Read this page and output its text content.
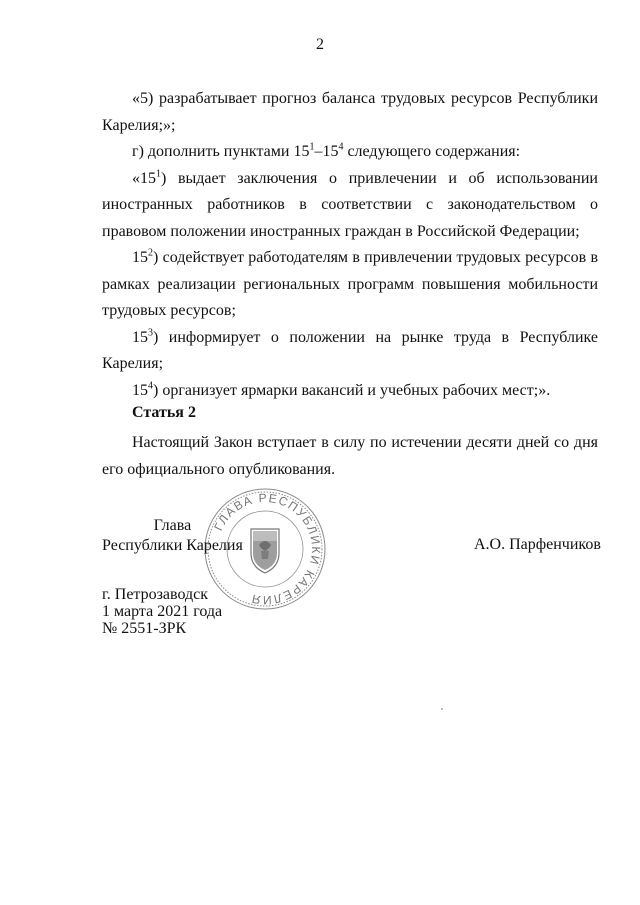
2

«5) разрабатывает прогноз баланса трудовых ресурсов Республики Карелия;»;

г) дополнить пунктами $15^1-15^4$ следующего содержания:

«$15^1$) выдает заключения о привлечении и об использовании иностранных работников в соответствии с законодательством о правовом положении иностранных граждан в Российской Федерации;

$15^2$) содействует работодателям в привлечении трудовых ресурсов в рамках реализации региональных программ повышения мобильности трудовых ресурсов;

$15^3$) информирует о положении на рынке труда в Республике Карелия;

$15^4$) организует ярмарки вакансий и учебных рабочих мест;».

Статья 2

Настоящий Закон вступает в силу по истечении десяти дней со дня его официального опубликования.

ГЛАВА РЕСПУБЛИКИ КАРЕЛИЯ
Глава
Республики Карелия	А.О. Парфенчиков
г. Петрозаводск
1 марта 2021 года
№ 2551-ЗРК
